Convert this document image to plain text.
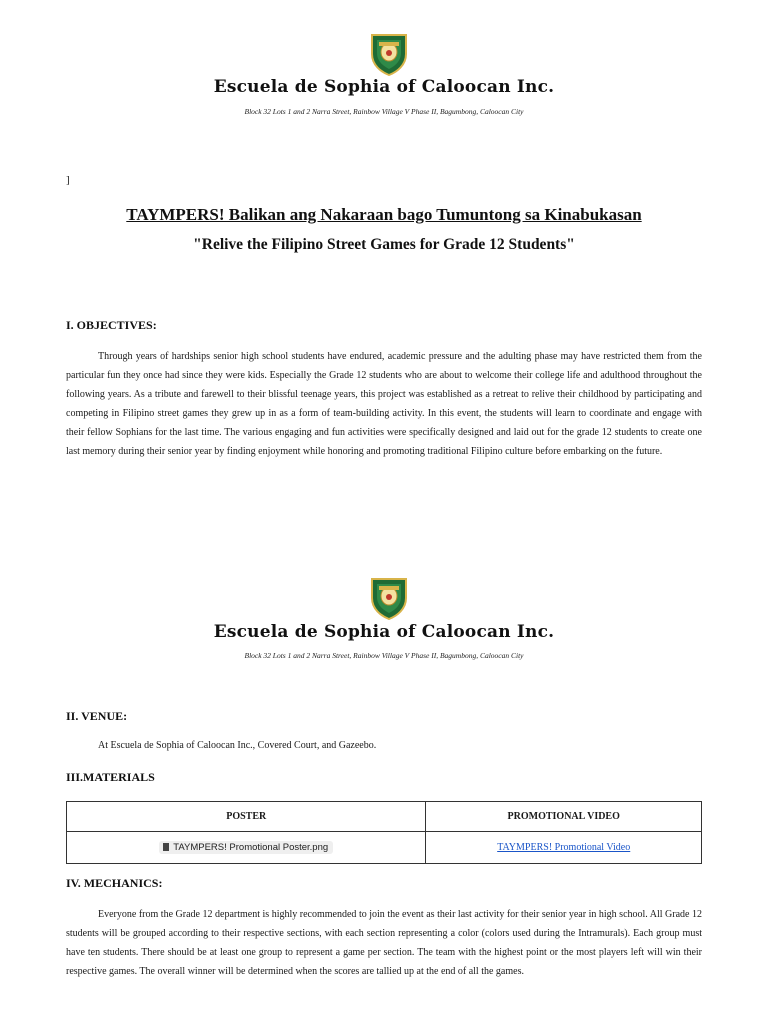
Escuela de Sophia of Caloocan Inc.
Block 32 Lots 1 and 2 Narra Street, Rainbow Village V Phase II, Bagumbong, Caloocan City
]
TAYMPERS! Balikan ang Nakaraan bago Tumuntong sa Kinabukasan
"Relive the Filipino Street Games for Grade 12 Students"
I. OBJECTIVES:

Through years of hardships senior high school students have endured, academic pressure and the adulting phase may have restricted them from the particular fun they once had since they were kids. Especially the Grade 12 students who are about to welcome their college life and adulthood throughout the following years. As a tribute and farewell to their blissful teenage years, this project was established as a retreat to relive their childhood by participating and competing in Filipino street games they grew up in as a form of team-building activity. In this event, the students will learn to coordinate and engage with their fellow Sophians for the last time. The various engaging and fun activities were specifically designed and laid out for the grade 12 students to create one last memory during their senior year by finding enjoyment while honoring and promoting traditional Filipino culture before embarking on the future.

Escuela de Sophia of Caloocan Inc.
Block 32 Lots 1 and 2 Narra Street, Rainbow Village V Phase II, Bagumbong, Caloocan City
II. VENUE:
At Escuela de Sophia of Caloocan Inc., Covered Court, and Gazeebo.
III.MATERIALS
POSTER	PROMOTIONAL VIDEO
TAYMPERS! Promotional Poster.png	TAYMPERS! Promotional Video
IV. MECHANICS:

Everyone from the Grade 12 department is highly recommended to join the event as their last activity for their senior year in high school. All Grade 12 students will be grouped according to their respective sections, with each section representing a color (colors used during the Intramurals). Each group must have ten students. There should be at least one group to represent a game per section. The team with the highest point or the most players left will win their respective games. The overall winner will be determined when the scores are tallied up at the end of all the games.
